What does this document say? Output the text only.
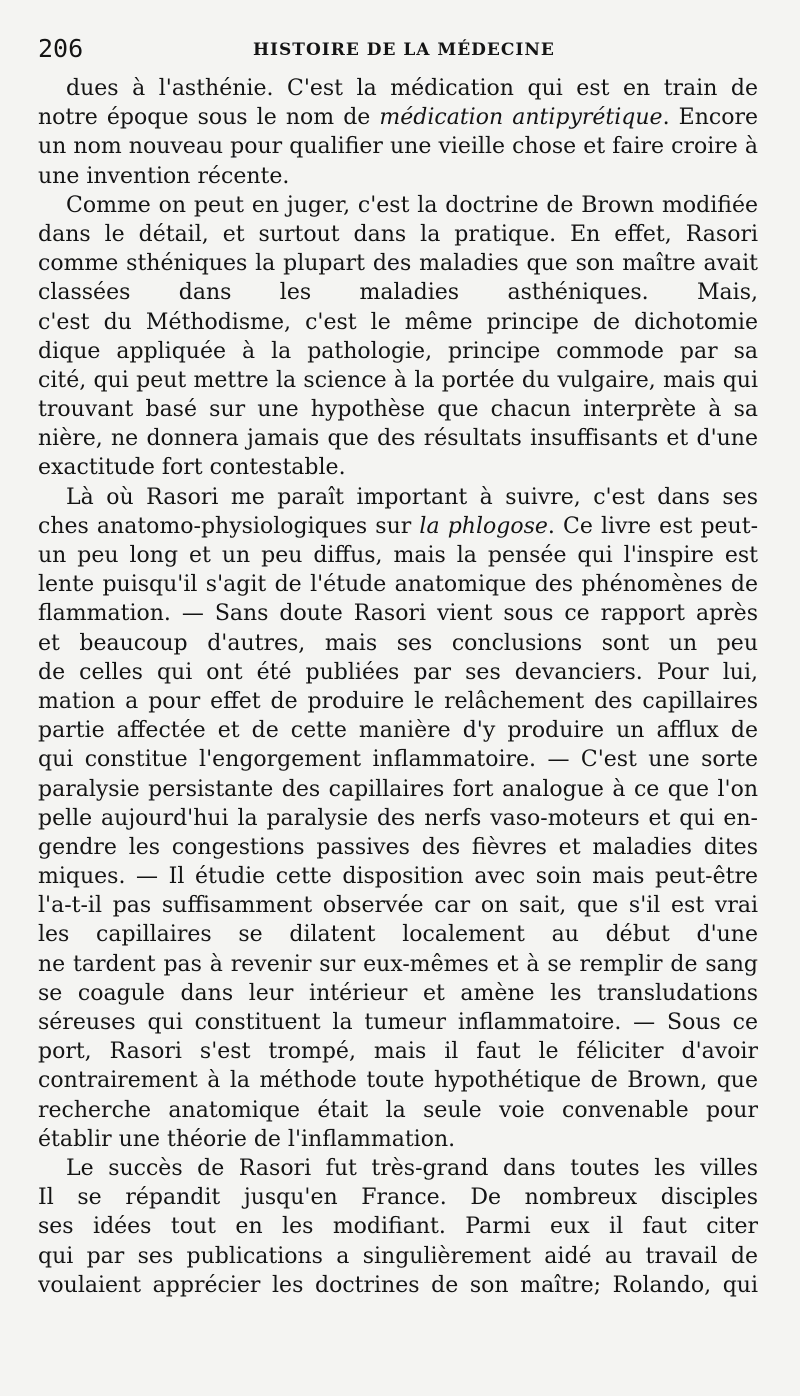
206	HISTOIRE DE LA MÉDECINE
dues à l'asthénie. C'est la médication qui est en train de
notre époque sous le nom de médication antipyrétique. Encore
un nom nouveau pour qualifier une vieille chose et faire croire à
une invention récente.
Comme on peut en juger, c'est la doctrine de Brown modifiée
dans le détail, et surtout dans la pratique. En effet, Rasori
comme sthéniques la plupart des maladies que son maître avait
classées dans les maladies asthéniques. Mais,
c'est du Méthodisme, c'est le même principe de dichotomie
dique appliquée à la pathologie, principe commode par sa
cité, qui peut mettre la science à la portée du vulgaire, mais qui
trouvant basé sur une hypothèse que chacun interprète à sa
nière, ne donnera jamais que des résultats insuffisants et d'une
exactitude fort contestable.
Là où Rasori me paraît important à suivre, c'est dans ses
ches anatomo-physiologiques sur la phlogose. Ce livre est peut-
un peu long et un peu diffus, mais la pensée qui l'inspire est
lente puisqu'il s'agit de l'étude anatomique des phénomènes de
flammation. — Sans doute Rasori vient sous ce rapport après
et beaucoup d'autres, mais ses conclusions sont un peu
de celles qui ont été publiées par ses devanciers. Pour lui,
mation a pour effet de produire le relâchement des capillaires
partie affectée et de cette manière d'y produire un afflux de
qui constitue l'engorgement inflammatoire. — C'est une sorte
paralysie persistante des capillaires fort analogue à ce que l'on
pelle aujourd'hui la paralysie des nerfs vaso-moteurs et qui en-
gendre les congestions passives des fièvres et maladies dites
miques. — Il étudie cette disposition avec soin mais peut-être
l'a-t-il pas suffisamment observée car on sait, que s'il est vrai
les capillaires se dilatent localement au début d'une
ne tardent pas à revenir sur eux-mêmes et à se remplir de sang
se coagule dans leur intérieur et amène les transludations
séreuses qui constituent la tumeur inflammatoire. — Sous ce
port, Rasori s'est trompé, mais il faut le féliciter d'avoir
contrairement à la méthode toute hypothétique de Brown, que
recherche anatomique était la seule voie convenable pour
établir une théorie de l'inflammation.
Le succès de Rasori fut très-grand dans toutes les villes
Il se répandit jusqu'en France. De nombreux disciples
ses idées tout en les modifiant. Parmi eux il faut citer
qui par ses publications a singulièrement aidé au travail de
voulaient apprécier les doctrines de son maître; Rolando, qui
